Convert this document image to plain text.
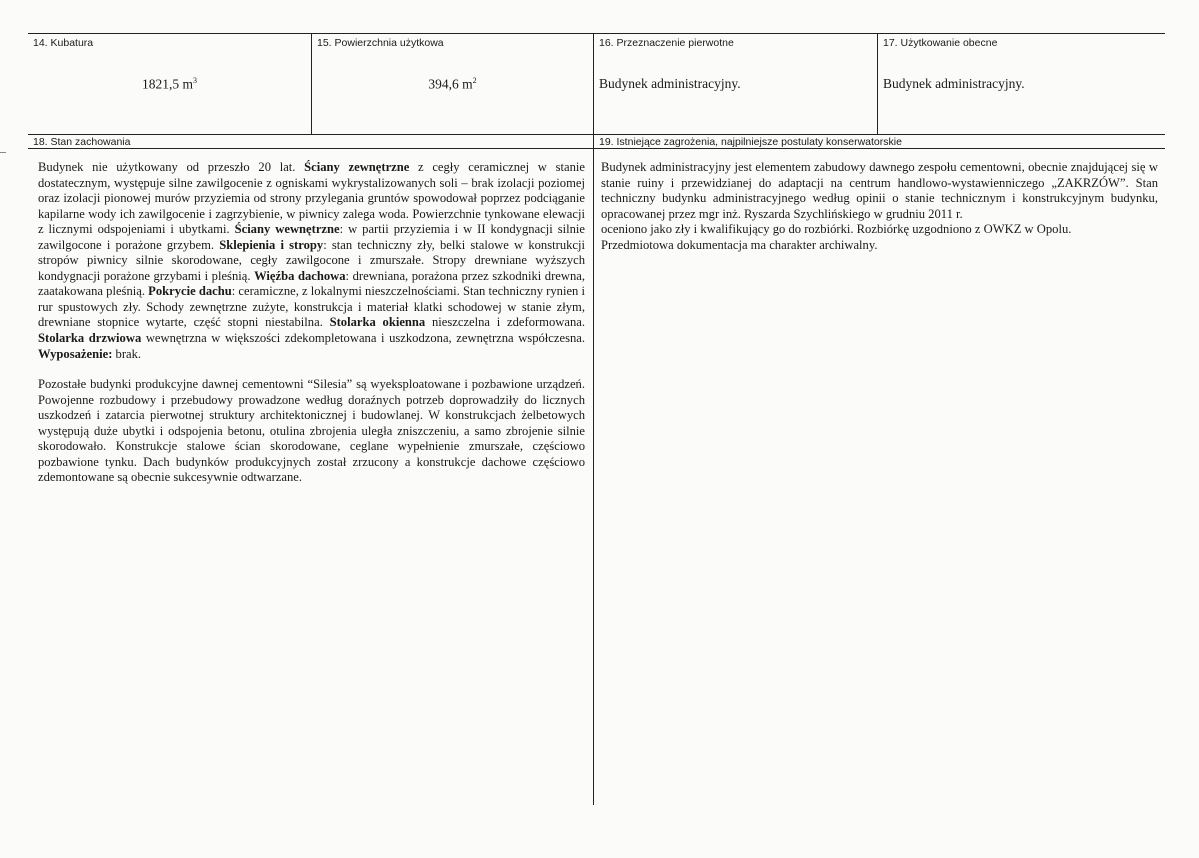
14. Kubatura
1821,5 $m^3$
15. Powierzchnia użytkowa
394,6 $m^2$
16. Przeznaczenie pierwotne
Budynek administracyjny.
17. Użytkowanie obecne
Budynek administracyjny.
18. Stan zachowania

Budynek nie użytkowany od przeszło 20 lat. Ściany zewnętrzne z cegły ceramicznej w stanie dostatecznym, występuje silne zawilgocenie z ogniskami wykrystalizowanych soli – brak izolacji poziomej oraz izolacji pionowej murów przyziemia od strony przylegania gruntów spowodował poprzez podciąganie kapilarne wody ich zawilgocenie i zagrzybienie, w piwnicy zalega woda. Powierzchnie tynkowane elewacji z licznymi odspojeniami i ubytkami. Ściany wewnętrzne: w partii przyziemia i w II kondygnacji silnie zawilgocone i porażone grzybem. Sklepienia i stropy: stan techniczny zły, belki stalowe w konstrukcji stropów piwnicy silnie skorodowane, cegły zawilgocone i zmurszałe. Stropy drewniane wyższych kondygnacji porażone grzybami i pleśnią. Więźba dachowa: drewniana, porażona przez szkodniki drewna, zaatakowana pleśnią. Pokrycie dachu: ceramiczne, z lokalnymi nieszczelnościami. Stan techniczny rynien i rur spustowych zły. Schody zewnętrzne zużyte, konstrukcja i materiał klatki schodowej w stanie złym, drewniane stopnice wytarte, część stopni niestabilna. Stolarka okienna nieszczelna i zdeformowana. Stolarka drzwiowa wewnętrzna w większości zdekompletowana i uszkodzona, zewnętrzna współczesna. Wyposażenie: brak.

Pozostałe budynki produkcyjne dawnej cementowni “Silesia” są wyeksploatowane i pozbawione urządzeń. Powojenne rozbudowy i przebudowy prowadzone według doraźnych potrzeb doprowadziły do licznych uszkodzeń i zatarcia pierwotnej struktury architektonicznej i budowlanej. W konstrukcjach żelbetowych występują duże ubytki i odspojenia betonu, otulina zbrojenia uległa zniszczeniu, a samo zbrojenie silnie skorodowało. Konstrukcje stalowe ścian skorodowane, ceglane wypełnienie zmurszałe, częściowo pozbawione tynku. Dach budynków produkcyjnych został zrzucony a konstrukcje dachowe częściowo zdemontowane są obecnie sukcesywnie odtwarzane.

19. Istniejące zagrożenia, najpilniejsze postulaty konserwatorskie
Budynek administracyjny jest elementem zabudowy dawnego zespołu cementowni, obecnie znajdującej się w stanie ruiny i przewidzianej do adaptacji na centrum handlowo-wystawienniczego „ZAKRZÓW”. Stan techniczny budynku administracyjnego według opinii o stanie technicznym i konstrukcyjnym budynku, opracowanej przez mgr inż. Ryszarda Szychlińskiego w grudniu 2011 r.
oceniono jako zły i kwalifikujący go do rozbiórki. Rozbiórkę uzgodniono z OWKZ w Opolu.
Przedmiotowa dokumentacja ma charakter archiwalny.
